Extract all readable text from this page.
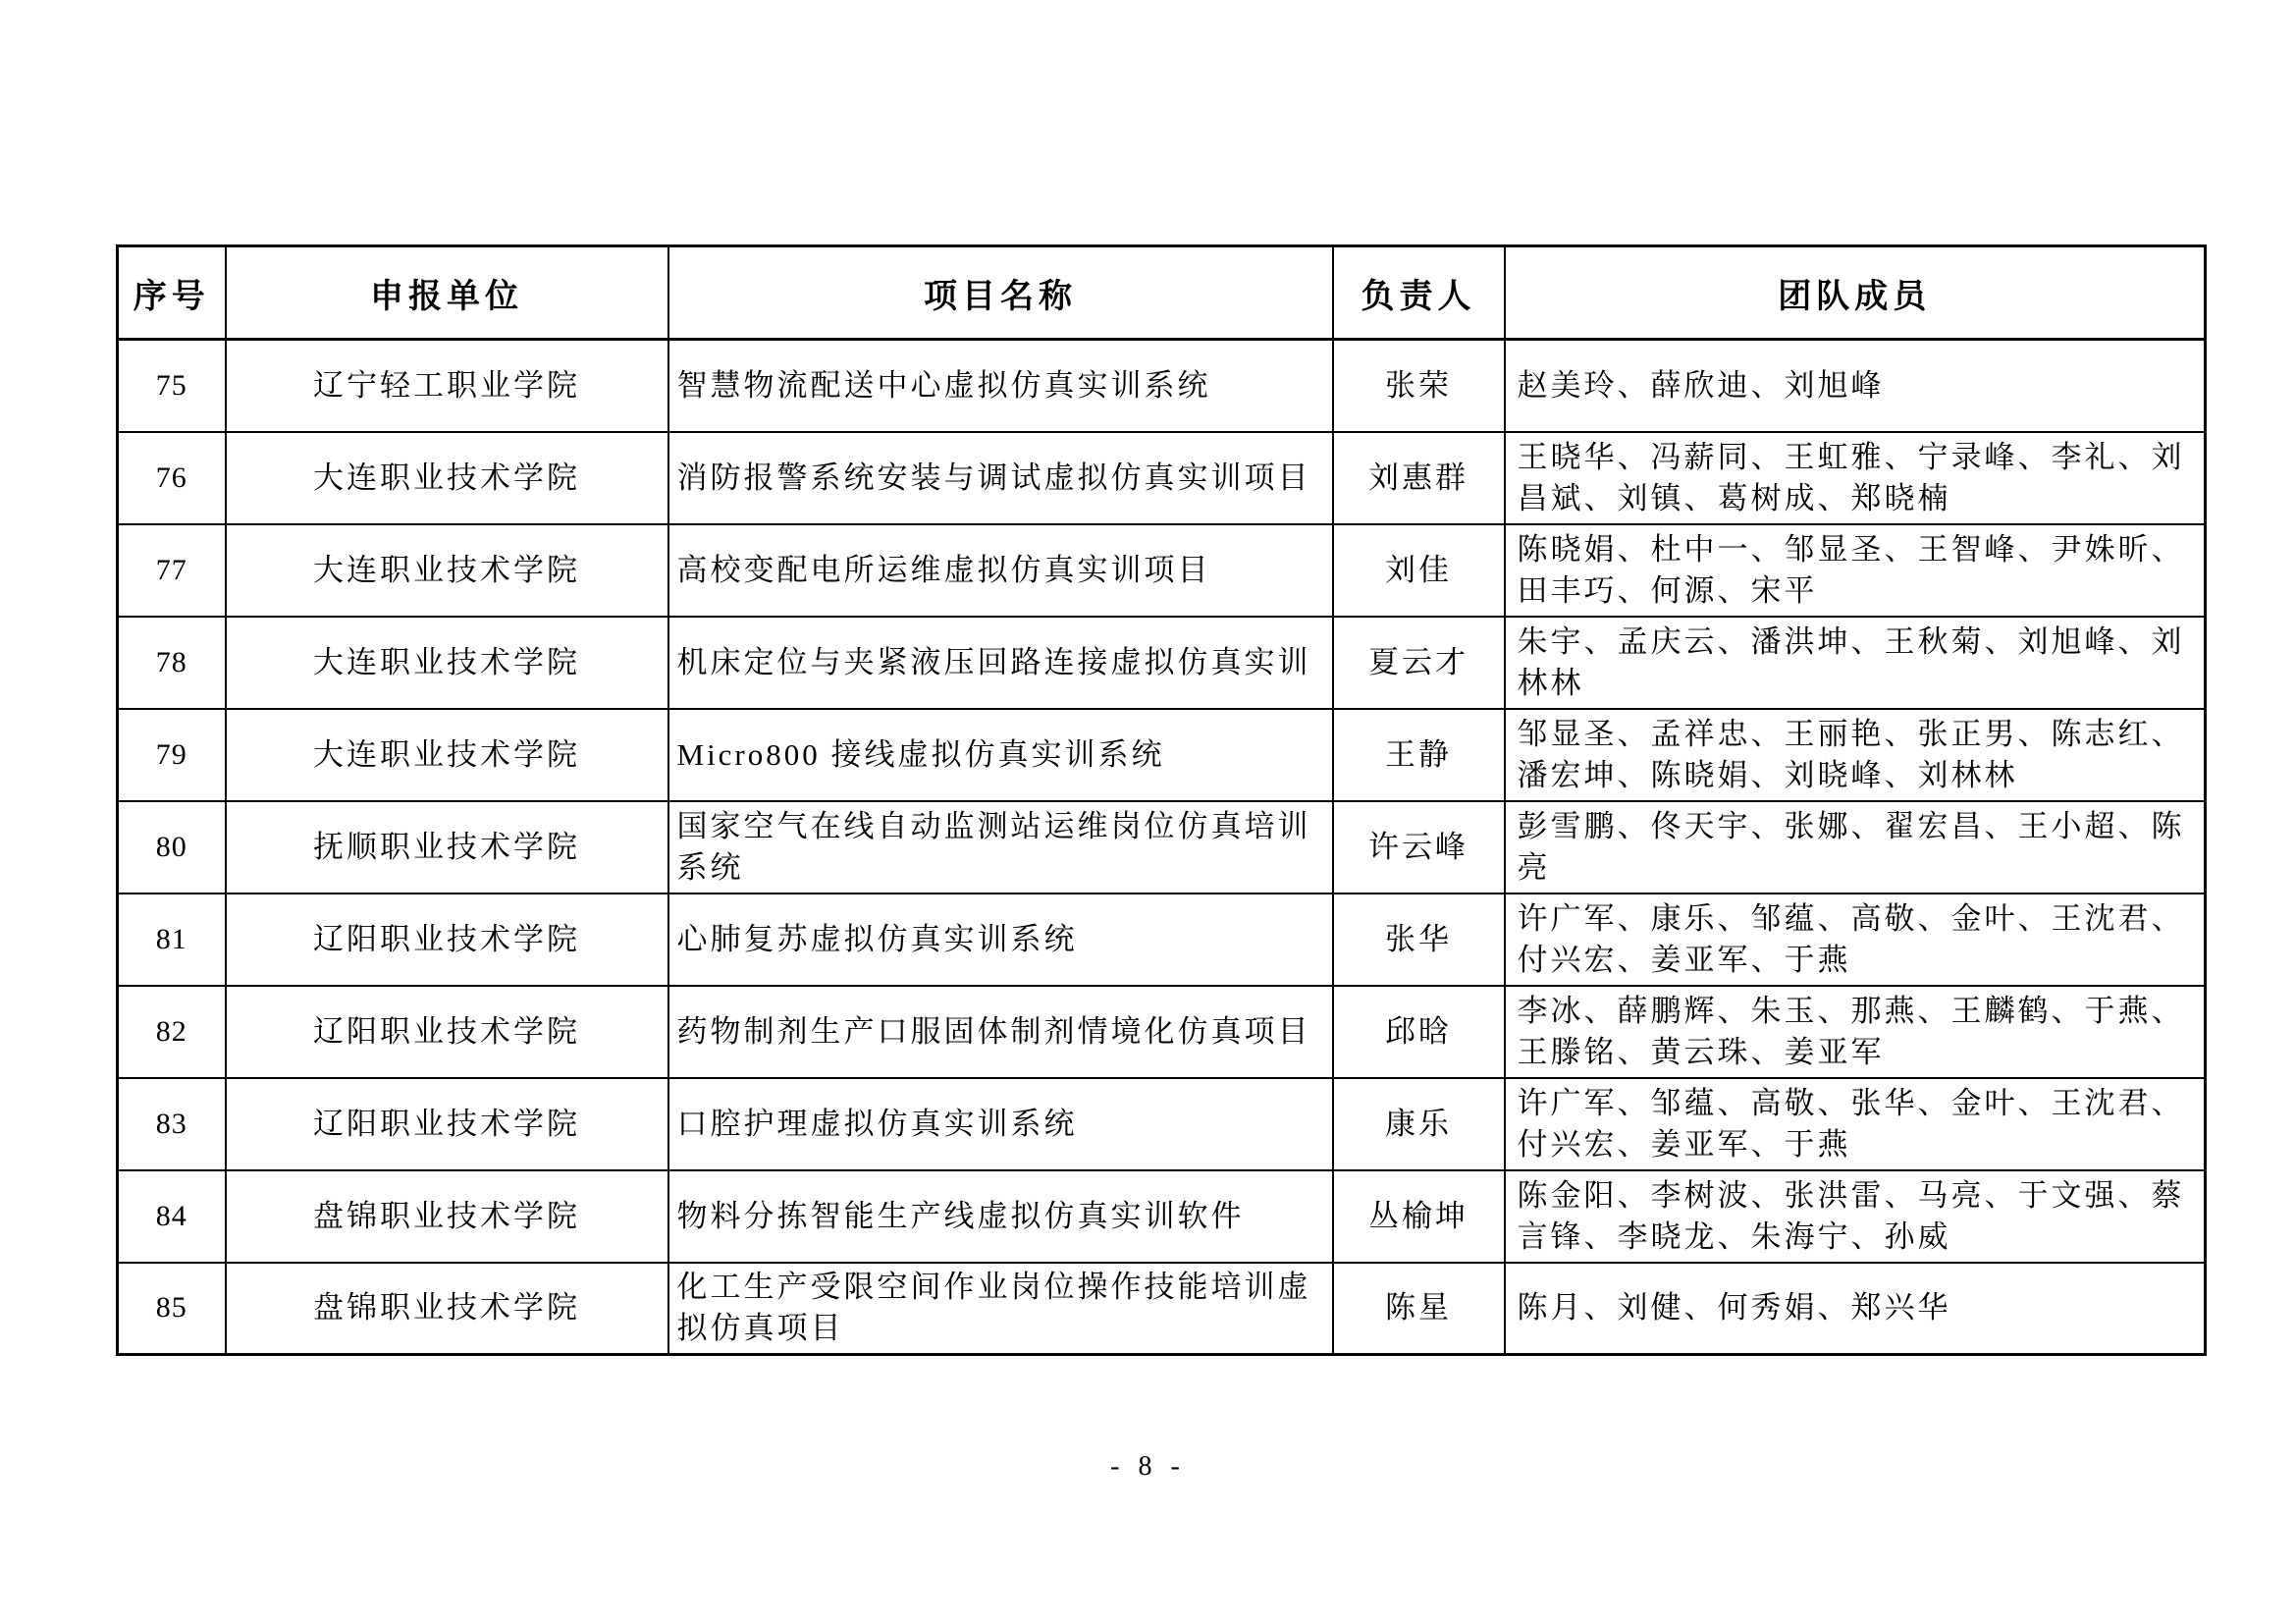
序号	申报单位	项目名称	负责人	团队成员
75	辽宁轻工职业学院	智慧物流配送中心虚拟仿真实训系统	张荣	赵美玲、薛欣迪、刘旭峰
76	大连职业技术学院	消防报警系统安装与调试虚拟仿真实训项目	刘惠群	王晓华、冯薪同、王虹雅、宁录峰、李礼、刘昌斌、刘镇、葛树成、郑晓楠
77	大连职业技术学院	高校变配电所运维虚拟仿真实训项目	刘佳	陈晓娟、杜中一、邹显圣、王智峰、尹姝昕、田丰巧、何源、宋平
78	大连职业技术学院	机床定位与夹紧液压回路连接虚拟仿真实训	夏云才	朱宇、孟庆云、潘洪坤、王秋菊、刘旭峰、刘林林
79	大连职业技术学院	Micro800 接线虚拟仿真实训系统	王静	邹显圣、孟祥忠、王丽艳、张正男、陈志红、潘宏坤、陈晓娟、刘晓峰、刘林林
80	抚顺职业技术学院	国家空气在线自动监测站运维岗位仿真培训系统	许云峰	彭雪鹏、佟天宇、张娜、翟宏昌、王小超、陈亮
81	辽阳职业技术学院	心肺复苏虚拟仿真实训系统	张华	许广军、康乐、邹蕴、高敬、金叶、王沈君、付兴宏、姜亚军、于燕
82	辽阳职业技术学院	药物制剂生产口服固体制剂情境化仿真项目	邱晗	李冰、薛鹏辉、朱玉、那燕、王麟鹤、于燕、王滕铭、黄云珠、姜亚军
83	辽阳职业技术学院	口腔护理虚拟仿真实训系统	康乐	许广军、邹蕴、高敬、张华、金叶、王沈君、付兴宏、姜亚军、于燕
84	盘锦职业技术学院	物料分拣智能生产线虚拟仿真实训软件	丛榆坤	陈金阳、李树波、张洪雷、马亮、于文强、蔡言锋、李晓龙、朱海宁、孙威
85	盘锦职业技术学院	化工生产受限空间作业岗位操作技能培训虚拟仿真项目	陈星	陈月、刘健、何秀娟、郑兴华
- 8 -
